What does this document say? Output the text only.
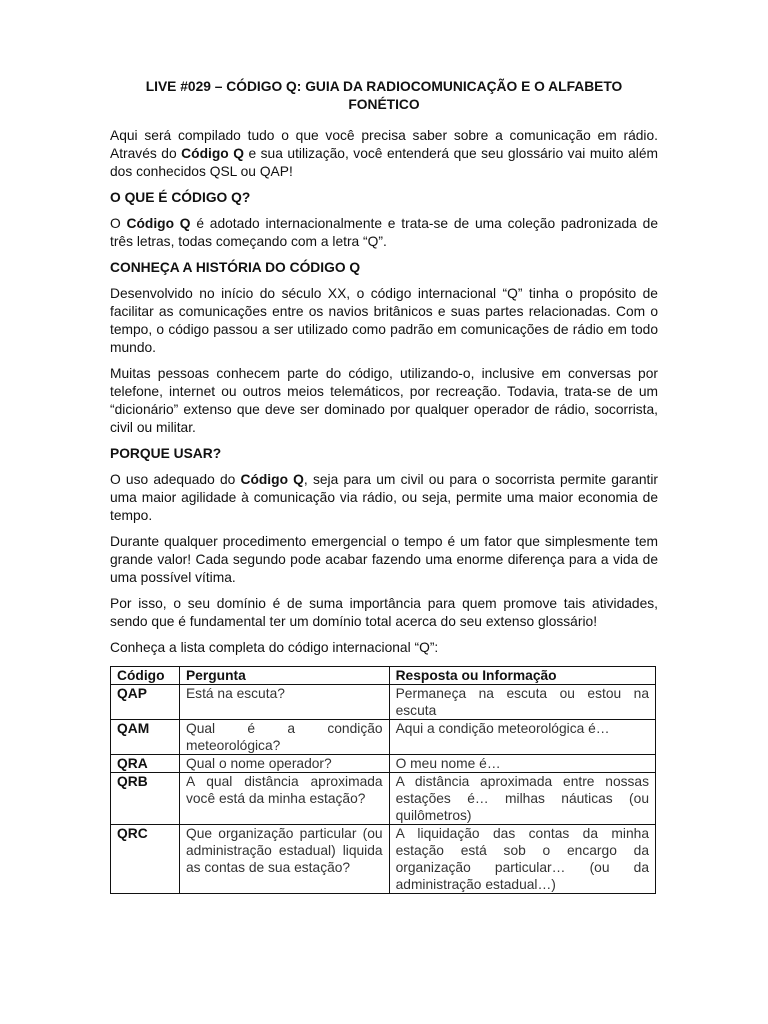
LIVE #029 – CÓDIGO Q: GUIA DA RADIOCOMUNICAÇÃO E O ALFABETO FONÉTICO

Aqui será compilado tudo o que você precisa saber sobre a comunicação em rádio. Através do Código Q e sua utilização, você entenderá que seu glossário vai muito além dos conhecidos QSL ou QAP!

O QUE É CÓDIGO Q?

O Código Q é adotado internacionalmente e trata-se de uma coleção padronizada de três letras, todas começando com a letra “Q”.

CONHEÇA A HISTÓRIA DO CÓDIGO Q

Desenvolvido no início do século XX, o código internacional “Q” tinha o propósito de facilitar as comunicações entre os navios britânicos e suas partes relacionadas. Com o tempo, o código passou a ser utilizado como padrão em comunicações de rádio em todo mundo.

Muitas pessoas conhecem parte do código, utilizando-o, inclusive em conversas por telefone, internet ou outros meios telemáticos, por recreação. Todavia, trata-se de um “dicionário” extenso que deve ser dominado por qualquer operador de rádio, socorrista, civil ou militar.

PORQUE USAR?

O uso adequado do Código Q, seja para um civil ou para o socorrista permite garantir uma maior agilidade à comunicação via rádio, ou seja, permite uma maior economia de tempo.

Durante qualquer procedimento emergencial o tempo é um fator que simplesmente tem grande valor! Cada segundo pode acabar fazendo uma enorme diferença para a vida de uma possível vítima.

Por isso, o seu domínio é de suma importância para quem promove tais atividades, sendo que é fundamental ter um domínio total acerca do seu extenso glossário!

Conheça a lista completa do código internacional “Q”:

Código	Pergunta	Resposta ou Informação
QAP	Está na escuta?	Permaneça na escuta ou estou na escuta
QAM	Qual é a condição meteorológica?	Aqui a condição meteorológica é…
QRA	Qual o nome operador?	O meu nome é…
QRB	A qual distância aproximada você está da minha estação?	A distância aproximada entre nossas estações é… milhas náuticas (ou quilômetros)
QRC	Que organização particular (ou administração estadual) liquida as contas de sua estação?	A liquidação das contas da minha estação está sob o encargo da organização particular… (ou da administração estadual…)
